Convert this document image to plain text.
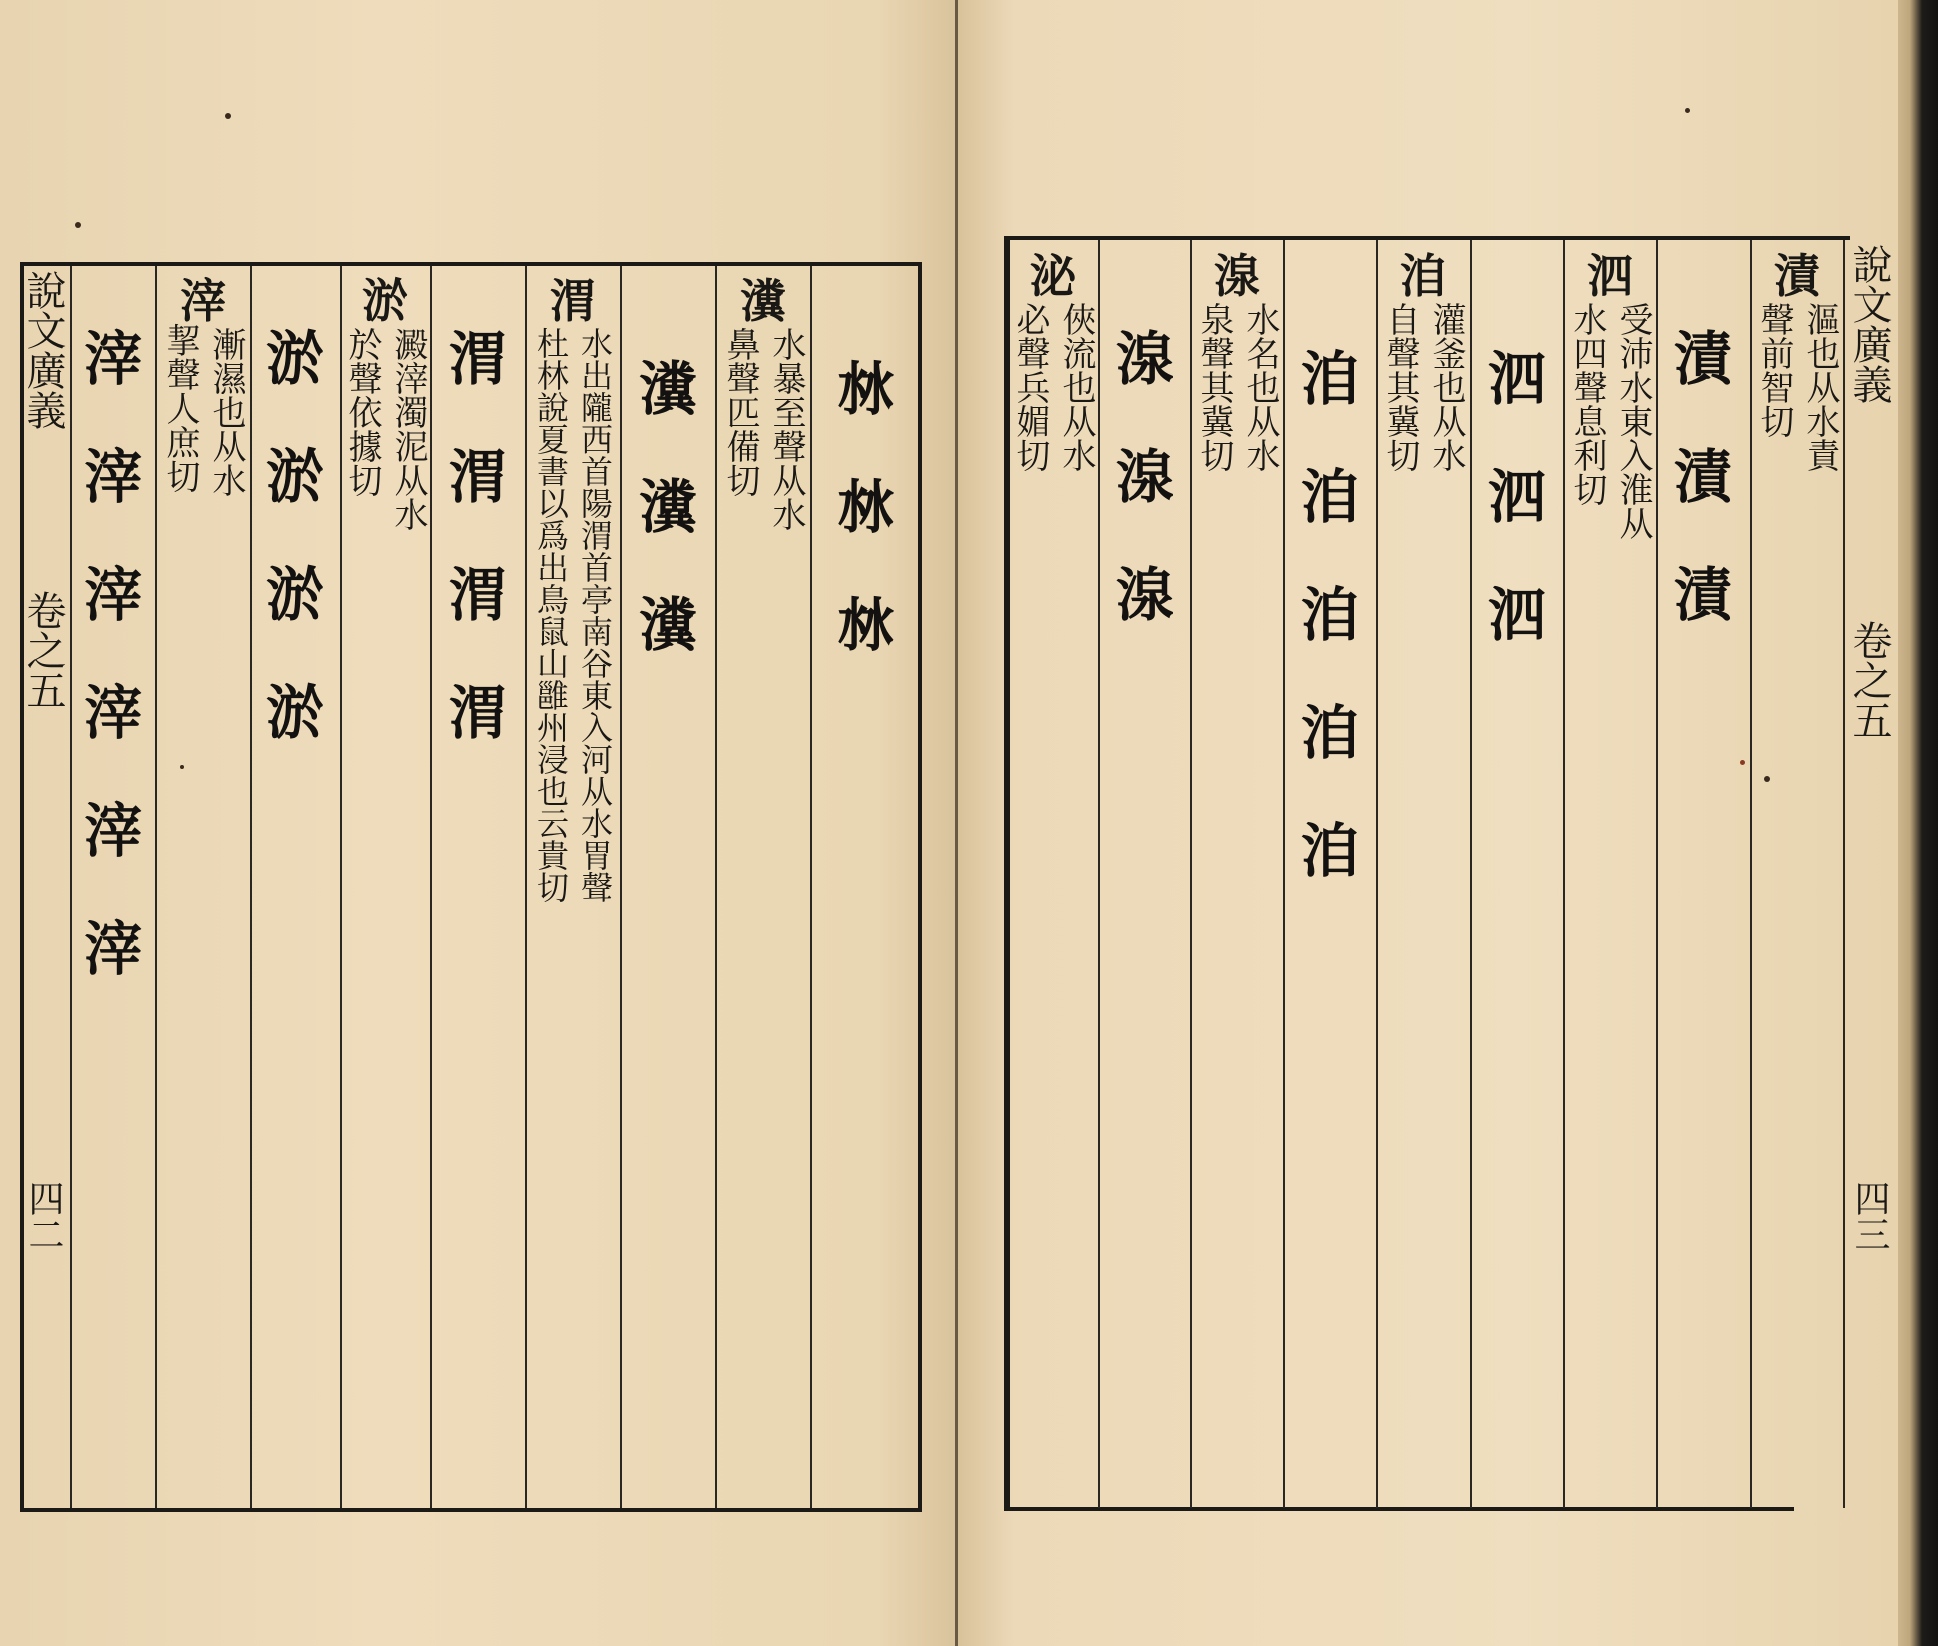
說文廣義
卷之五
四二
滓
滓
滓
滓
滓
滓
滓
漸濕也从水
挈聲人庶切 淤
淤
淤
淤
淤
澱滓濁泥从水
於聲依據切 渭
渭
渭
渭
渭
水出隴西首陽渭首亭南谷東入河从水胃聲
杜林說夏書以爲出鳥鼠山雝州浸也云貴切 瀵
瀵
瀵
瀵
水暴至聲从水
鼻聲匹備切 沝
沝
沝
泌
俠流也从水
必聲兵媚切 湶
湶
湶
湶
水名也从水
泉聲其冀切 洎
洎
洎
洎
洎
洎
灌釜也从水
自聲其冀切 泗
泗
泗
泗
受沛水東入淮从
水四聲息利切 漬
漬
漬
漬
漚也从水責
聲前智切 說文廣義
卷之五
四三
